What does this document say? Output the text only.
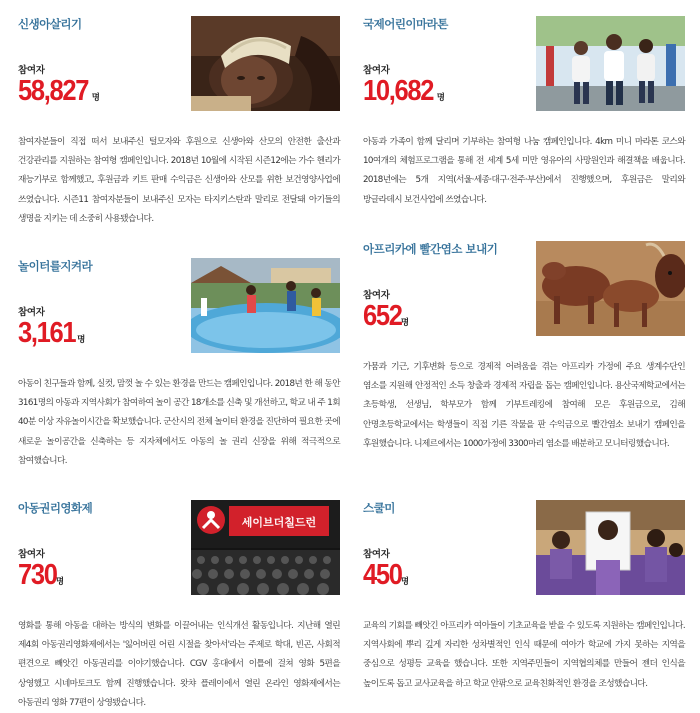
신생아살리기
참여자
58,827 명
참여자분들이 직접 떠서 보내주신 털모자와 후원으로 신생아와 산모의 안전한 출산과 건강관리를 지원하는 참여형 캠페인입니다. 2018년 10월에 시작된 시즌12에는 가수 헨리가 재능기부로 함께했고, 후원금과 키트 판매 수익금은 신생아와 산모를 위한 보건영양사업에 쓰였습니다. 시즌11 참여자분들이 보내주신 모자는 타지키스탄과 말리로 전달돼 아기들의 생명을 지키는 데 소중히 사용됐습니다.
국제어린이마라톤
참여자
10,682 명
아동과 가족이 함께 달리며 기부하는 참여형 나눔 캠페인입니다. 4km 미니 마라톤 코스와 10여개의 체험프로그램을 통해 전 세계 5세 미만 영유아의 사망원인과 해결책을 배웁니다. 2018년에는 5개 지역(서울·세종·대구·전주·부산)에서 진행했으며, 후원금은 말리와 방글라데시 보건사업에 쓰였습니다.
놀이터를지켜라
참여자
3,161 명
아동이 친구들과 함께, 실컷, 맘껏 놀 수 있는 환경을 만드는 캠페인입니다. 2018년 한 해 동안 3161명의 아동과 지역사회가 참여하여 놀이 공간 18개소를 신축 및 개선하고, 학교 내 주 1회 40분 이상 자유놀이시간을 확보했습니다. 군산시의 전체 놀이터 환경을 진단하여 필요한 곳에 새로운 놀이공간을 신축하는 등 지자체에서도 아동의 놀 권리 신장을 위해 적극적으로 참여했습니다.
아프리카에 빨간염소 보내기
참여자
652명
가뭄과 기근, 기후변화 등으로 경제적 어려움을 겪는 아프리카 가정에 주요 생계수단인 염소를 지원해 안정적인 소득 창출과 경제적 자립을 돕는 캠페인입니다. 용산국제학교에서는 초등학생, 선생님, 학부모가 함께 기부트레킹에 참여해 모은 후원금으로, 김해 안명초등학교에서는 학생들이 직접 기른 작물을 판 수익금으로 빨간염소 보내기 캠페인을 후원했습니다. 니제르에서는 1000가정에 3300마리 염소를 배분하고 모니터링했습니다.
아동권리영화제
세이브더칠드런
참여자
730명
영화를 통해 아동을 대하는 방식의 변화를 이끌어내는 인식개선 활동입니다. 지난해 열린 제4회 아동권리영화제에서는 '잃어버린 어린 시절을 찾아서'라는 주제로 학대, 빈곤, 사회적 편견으로 빼앗긴 아동권리를 이야기했습니다. CGV 홍대에서 이틀에 걸쳐 영화 5편을 상영했고 시네마토크도 함께 진행했습니다. 왓챠 플레이에서 열린 온라인 영화제에서는 아동권리 영화 77편이 상영됐습니다.
스쿨미
참여자
450명
교육의 기회를 빼앗긴 아프리카 여아들이 기초교육을 받을 수 있도록 지원하는 캠페인입니다. 지역사회에 뿌리 깊게 자리한 성차별적인 인식 때문에 여아가 학교에 가지 못하는 지역을 중심으로 성평등 교육을 했습니다. 또한 지역주민들이 지역협의체를 만들어 젠더 인식을 높이도록 돕고 교사교육을 하고 학교 안팎으로 교육친화적인 환경을 조성했습니다.
